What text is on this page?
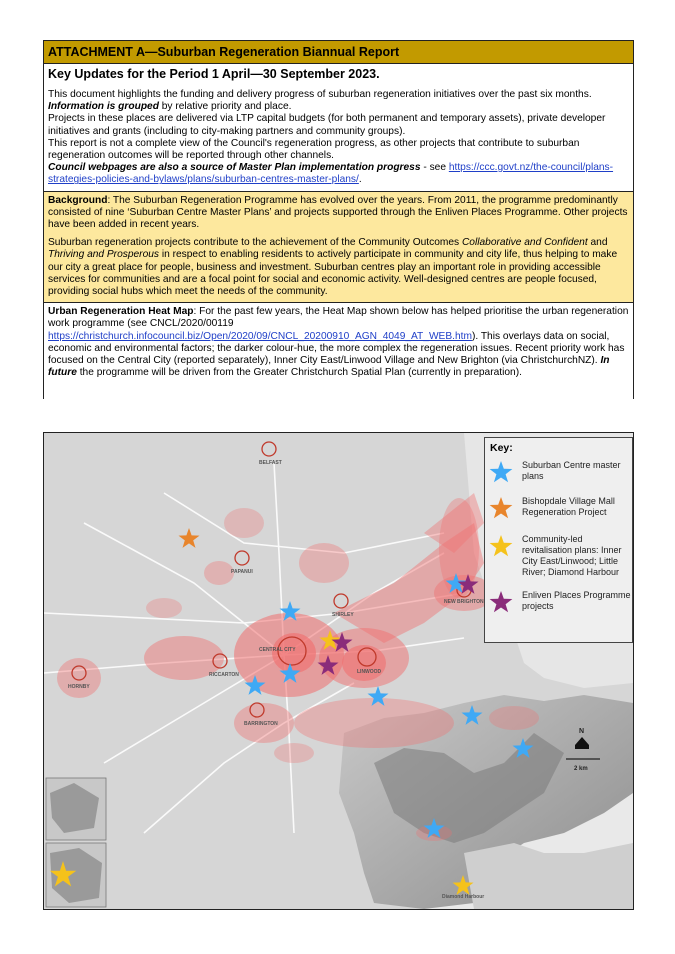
ATTACHMENT A—Suburban Regeneration Biannual Report
Key Updates for the Period 1 April—30 September 2023.

This document highlights the funding and delivery progress of suburban regeneration initiatives over the past six months.

Information is grouped by relative priority and place.

Projects in these places are delivered via LTP capital budgets (for both permanent and temporary assets), private developer initiatives and grants (including to city-making partners and community groups).

This report is not a complete view of the Council's regeneration progress, as other projects that contribute to suburban regeneration outcomes will be reported through other channels.

Council webpages are also a source of Master Plan implementation progress - see https://ccc.govt.nz/the-council/plans-strategies-policies-and-bylaws/plans/suburban-centres-master-plans/.

Background: The Suburban Regeneration Programme has evolved over the years. From 2011, the programme predominantly consisted of nine ‘Suburban Centre Master Plans’ and projects supported through the Enliven Places Programme. Other projects have been added in recent years.

Suburban regeneration projects contribute to the achievement of the Community Outcomes Collaborative and Confident and Thriving and Prosperous in respect to enabling residents to actively participate in community and city life, thus helping to make our city a great place for people, business and investment. Suburban centres play an important role in providing accessible services for communities and are a focal point for social and economic activity. Well-designed centres are people focused, providing social hubs which meet the needs of the community.

Urban Regeneration Heat Map: For the past few years, the Heat Map shown below has helped prioritise the urban regeneration work programme (see CNCL/2020/00119 https://christchurch.infocouncil.biz/Open/2020/09/CNCL_20200910_AGN_4049_AT_WEB.htm). This overlays data on social, economic and environmental factors; the darker colour-hue, the more complex the regeneration issues. Recent priority work has focused on the Central City (reported separately), Inner City East/Linwood Village and New Brighton (via ChristchurchNZ). In future the programme will be driven from the Greater Christchurch Spatial Plan (currently in preparation).

BELFAST
PAPANUI
SHIRLEY
CENTRAL CITY
RICCARTON	LINWOOD
HORNBY
BARRINGTON
NEW BRIGHTON
Diamond Harbour
N
2 km
Key:
Suburban Centre master plans
Bishopdale Village Mall Regeneration Project
Community-led revitalisation plans: Inner City East/Linwood; Little River; Diamond Harbour
Enliven Places Programme projects
